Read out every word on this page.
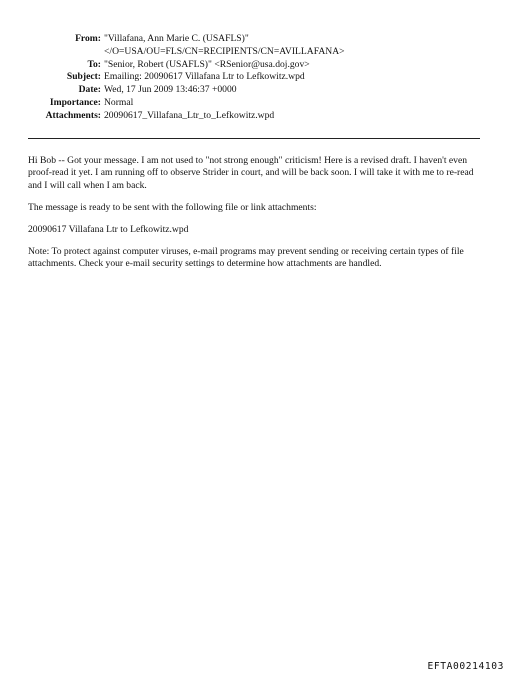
From: "Villafana, Ann Marie C. (USAFLS)"
</O=USA/OU=FLS/CN=RECIPIENTS/CN=AVILLAFANA>
To: "Senior, Robert (USAFLS)" <RSenior@usa.doj.gov>
Subject: Emailing: 20090617 Villafana Ltr to Lefkowitz.wpd
Date: Wed, 17 Jun 2009 13:46:37 +0000
Importance: Normal
Attachments: 20090617_Villafana_Ltr_to_Lefkowitz.wpd

Hi Bob -- Got your message. I am not used to "not strong enough" criticism! Here is a revised draft. I haven't even proof-read it yet. I am running off to observe Strider in court, and will be back soon. I will take it with me to re-read and I will call when I am back.

The message is ready to be sent with the following file or link attachments:

20090617 Villafana Ltr to Lefkowitz.wpd

Note: To protect against computer viruses, e-mail programs may prevent sending or receiving certain types of file attachments. Check your e-mail security settings to determine how attachments are handled.

EFTA00214103
